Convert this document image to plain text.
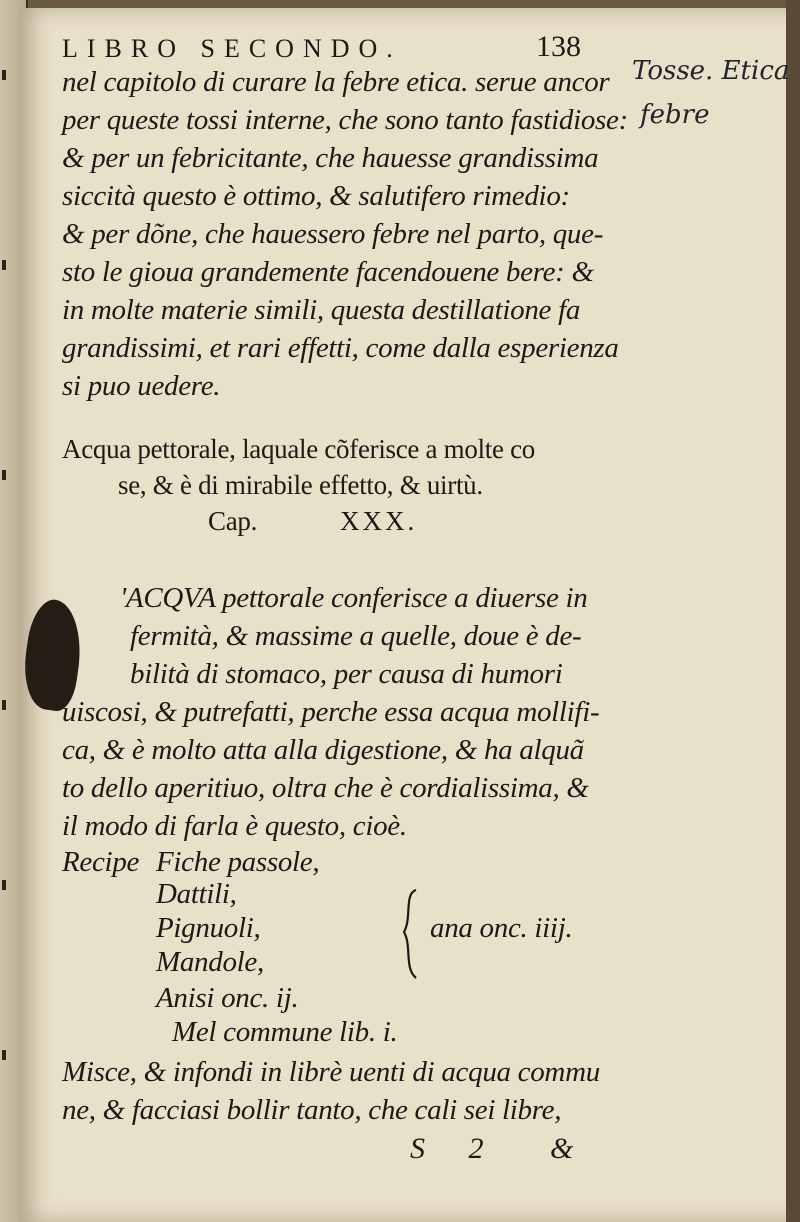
LIBRO SECONDO.	138
Tosse. Etica
febre
nel capitolo di curare la febre etica. serue ancor
per queste tossi interne, che sono tanto fastidiose:
& per un febricitante, che hauesse grandissima
siccità questo è ottimo, & salutifero rimedio:
& per dõne, che hauessero febre nel parto, que-
sto le gioua grandemente facendouene bere: &
in molte materie simili, questa destillatione fa
grandissimi, et rari effetti, come dalla esperienza
si puo uedere.
Acqua pettorale, laquale cõferisce a molte co
se, & è di mirabile effetto, & uirtù.
Cap.	XXX.
'ACQVA pettorale conferisce a diuerse in
fermità, & massime a quelle, doue è de-
bilità di stomaco, per causa di humori
uiscosi, & putrefatti, perche essa acqua mollifi-
ca, & è molto atta alla digestione, & ha alquã
to dello aperitiuo, oltra che è cordialissima, &
il modo di farla è questo, cioè.
Recipe Fiche passole,
Dattili,
Pignuoli,
Mandole,
Anisi onc. ij.
Mel commune lib. i.
ana onc. iiij.
Misce, & infondi in librè uenti di acqua commu
ne, & facciasi bollir tanto, che cali sei libre,
S 2 &
